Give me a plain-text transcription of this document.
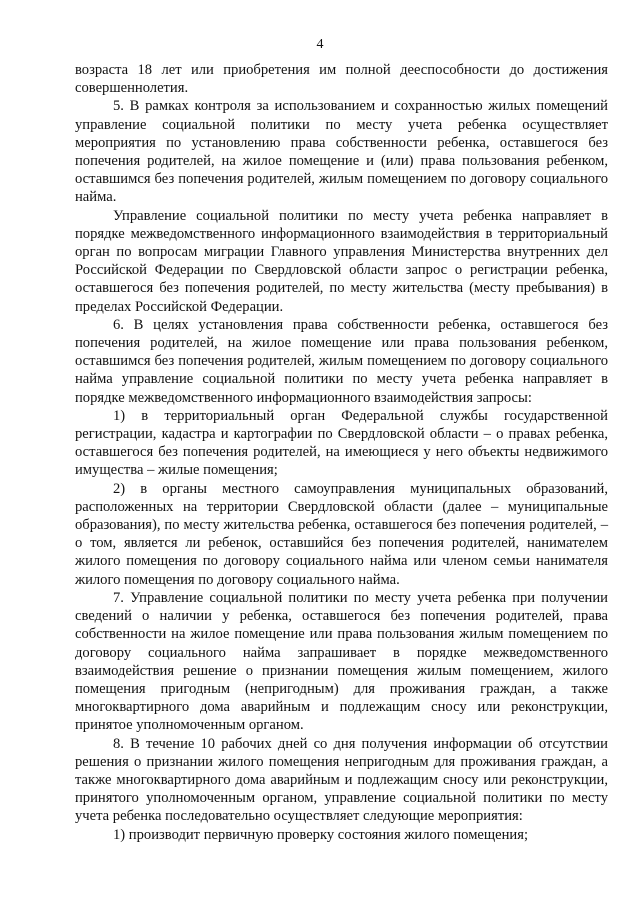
4

возраста 18 лет или приобретения им полной дееспособности до достижения совершеннолетия.

5. В рамках контроля за использованием и сохранностью жилых помещений управление социальной политики по месту учета ребенка осуществляет мероприятия по установлению права собственности ребенка, оставшегося без попечения родителей, на жилое помещение и (или) права пользования ребенком, оставшимся без попечения родителей, жилым помещением по договору социального найма.

Управление социальной политики по месту учета ребенка направляет в порядке межведомственного информационного взаимодействия в территориальный орган по вопросам миграции Главного управления Министерства внутренних дел Российской Федерации по Свердловской области запрос о регистрации ребенка, оставшегося без попечения родителей, по месту жительства (месту пребывания) в пределах Российской Федерации.

6. В целях установления права собственности ребенка, оставшегося без попечения родителей, на жилое помещение или права пользования ребенком, оставшимся без попечения родителей, жилым помещением по договору социального найма управление социальной политики по месту учета ребенка направляет в порядке межведомственного информационного взаимодействия запросы:

1) в территориальный орган Федеральной службы государственной регистрации, кадастра и картографии по Свердловской области – о правах ребенка, оставшегося без попечения родителей, на имеющиеся у него объекты недвижимого имущества – жилые помещения;

2) в органы местного самоуправления муниципальных образований, расположенных на территории Свердловской области (далее – муниципальные образования), по месту жительства ребенка, оставшегося без попечения родителей, – о том, является ли ребенок, оставшийся без попечения родителей, нанимателем жилого помещения по договору социального найма или членом семьи нанимателя жилого помещения по договору социального найма.

7. Управление социальной политики по месту учета ребенка при получении сведений о наличии у ребенка, оставшегося без попечения родителей, права собственности на жилое помещение или права пользования жилым помещением по договору социального найма запрашивает в порядке межведомственного взаимодействия решение о признании помещения жилым помещением, жилого помещения пригодным (непригодным) для проживания граждан, а также многоквартирного дома аварийным и подлежащим сносу или реконструкции, принятое уполномоченным органом.

8. В течение 10 рабочих дней со дня получения информации об отсутствии решения о признании жилого помещения непригодным для проживания граждан, а также многоквартирного дома аварийным и подлежащим сносу или реконструкции, принятого уполномоченным органом, управление социальной политики по месту учета ребенка последовательно осуществляет следующие мероприятия:

1) производит первичную проверку состояния жилого помещения;
